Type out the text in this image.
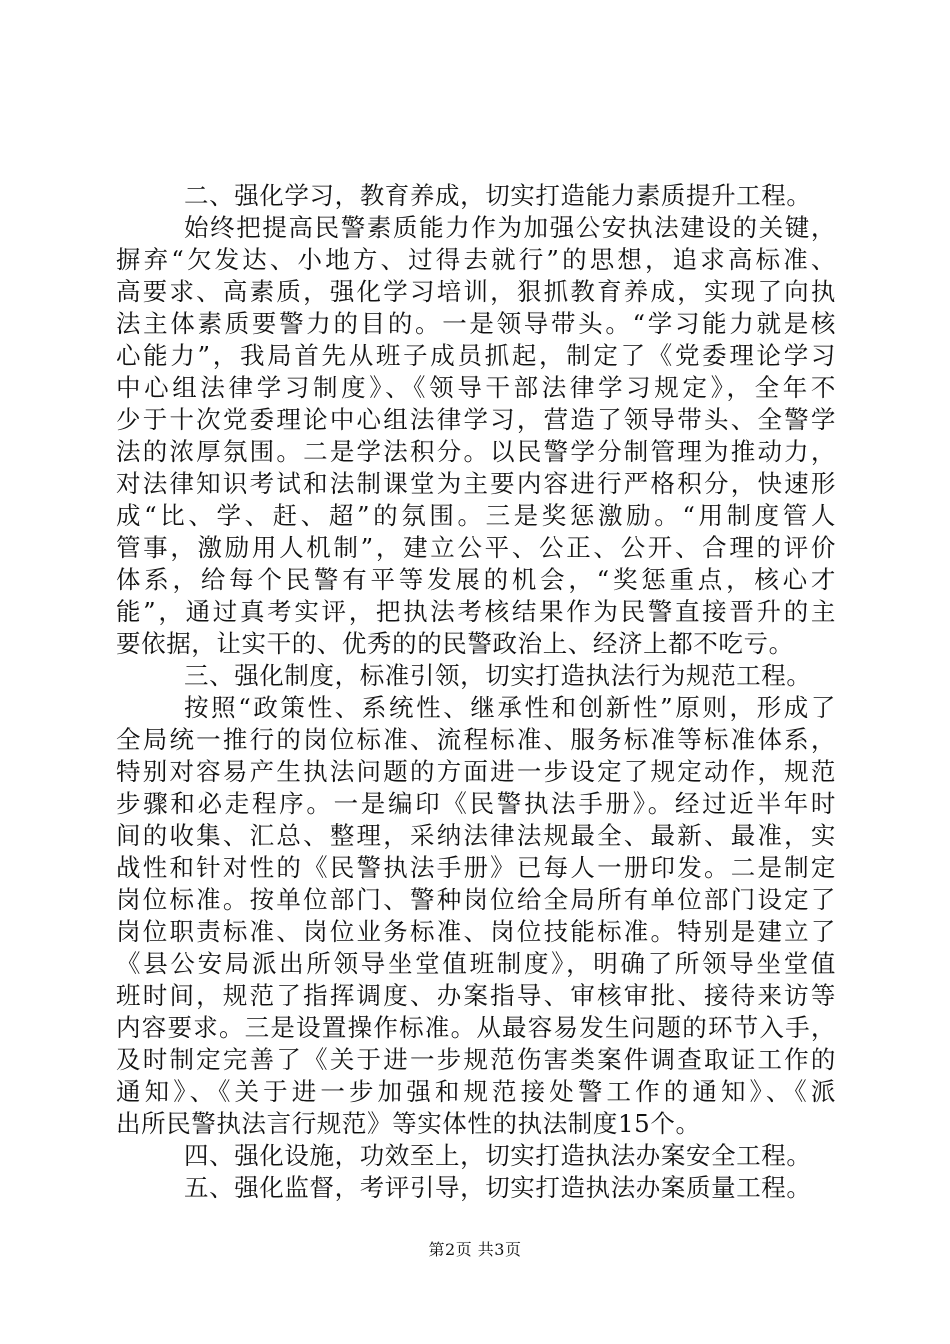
二、强化学习，教育养成，切实打造能力素质提升工程。
始终把提高民警素质能力作为加强公安执法建设的关键，
摒弃“欠发达、小地方、过得去就行”的思想，追求高标准、
高要求、高素质，强化学习培训，狠抓教育养成，实现了向执
法主体素质要警力的目的。一是领导带头。“学习能力就是核
心能力”，我局首先从班子成员抓起，制定了《党委理论学习
中心组法律学习制度》、《领导干部法律学习规定》，全年不
少于十次党委理论中心组法律学习，营造了领导带头、全警学
法的浓厚氛围。二是学法积分。以民警学分制管理为推动力，
对法律知识考试和法制课堂为主要内容进行严格积分，快速形
成“比、学、赶、超”的氛围。三是奖惩激励。“用制度管人
管事，激励用人机制”，建立公平、公正、公开、合理的评价
体系，给每个民警有平等发展的机会，“奖惩重点，核心才
能”，通过真考实评，把执法考核结果作为民警直接晋升的主
要依据，让实干的、优秀的的民警政治上、经济上都不吃亏。
三、强化制度，标准引领，切实打造执法行为规范工程。
按照“政策性、系统性、继承性和创新性”原则，形成了
全局统一推行的岗位标准、流程标准、服务标准等标准体系，
特别对容易产生执法问题的方面进一步设定了规定动作，规范
步骤和必走程序。一是编印《民警执法手册》。经过近半年时
间的收集、汇总、整理，采纳法律法规最全、最新、最准，实
战性和针对性的《民警执法手册》已每人一册印发。二是制定
岗位标准。按单位部门、警种岗位给全局所有单位部门设定了
岗位职责标准、岗位业务标准、岗位技能标准。特别是建立了
《县公安局派出所领导坐堂值班制度》，明确了所领导坐堂值
班时间，规范了指挥调度、办案指导、审核审批、接待来访等
内容要求。三是设置操作标准。从最容易发生问题的环节入手，
及时制定完善了《关于进一步规范伤害类案件调查取证工作的
通知》、《关于进一步加强和规范接处警工作的通知》、《派
出所民警执法言行规范》等实体性的执法制度15个。
四、强化设施，功效至上，切实打造执法办案安全工程。
五、强化监督，考评引导，切实打造执法办案质量工程。
第2页 共3页
